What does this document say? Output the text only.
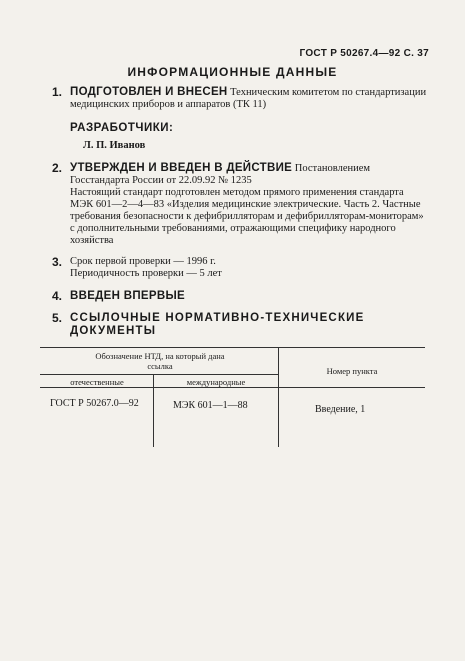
ГОСТ Р 50267.4—92 С. 37
ИНФОРМАЦИОННЫЕ ДАННЫЕ
1. ПОДГОТОВЛЕН И ВНЕСЕН Техническим комитетом по стандартизации медицинских приборов и аппаратов (ТК 11)

РАЗРАБОТЧИКИ:
Л. П. Иванов
2. УТВЕРЖДЕН И ВВЕДЕН В ДЕЙСТВИЕ Постановлением Госстандарта России от 22.09.92 № 1235

Настоящий стандарт подготовлен методом прямого применения стандарта МЭК 601—2—4—83 «Изделия медицинские электрические. Часть 2. Частные требования безопасности к дефибрилляторам и дефибрилляторам-мониторам» с дополнительными требованиями, отражающими специфику народного хозяйства

3. Срок первой проверки — 1996 г.

Периодичность проверки — 5 лет

4. ВВЕДЕН ВПЕРВЫЕ
5. ССЫЛОЧНЫЕ НОРМАТИВНО-ТЕХНИЧЕСКИЕ ДОКУМЕНТЫ
Обозначение НТД, на который дана ссылка
отечественные	международные
Номер пункта
ГОСТ Р 50267.0—92	МЭК 601—1—88	Введение, 1
